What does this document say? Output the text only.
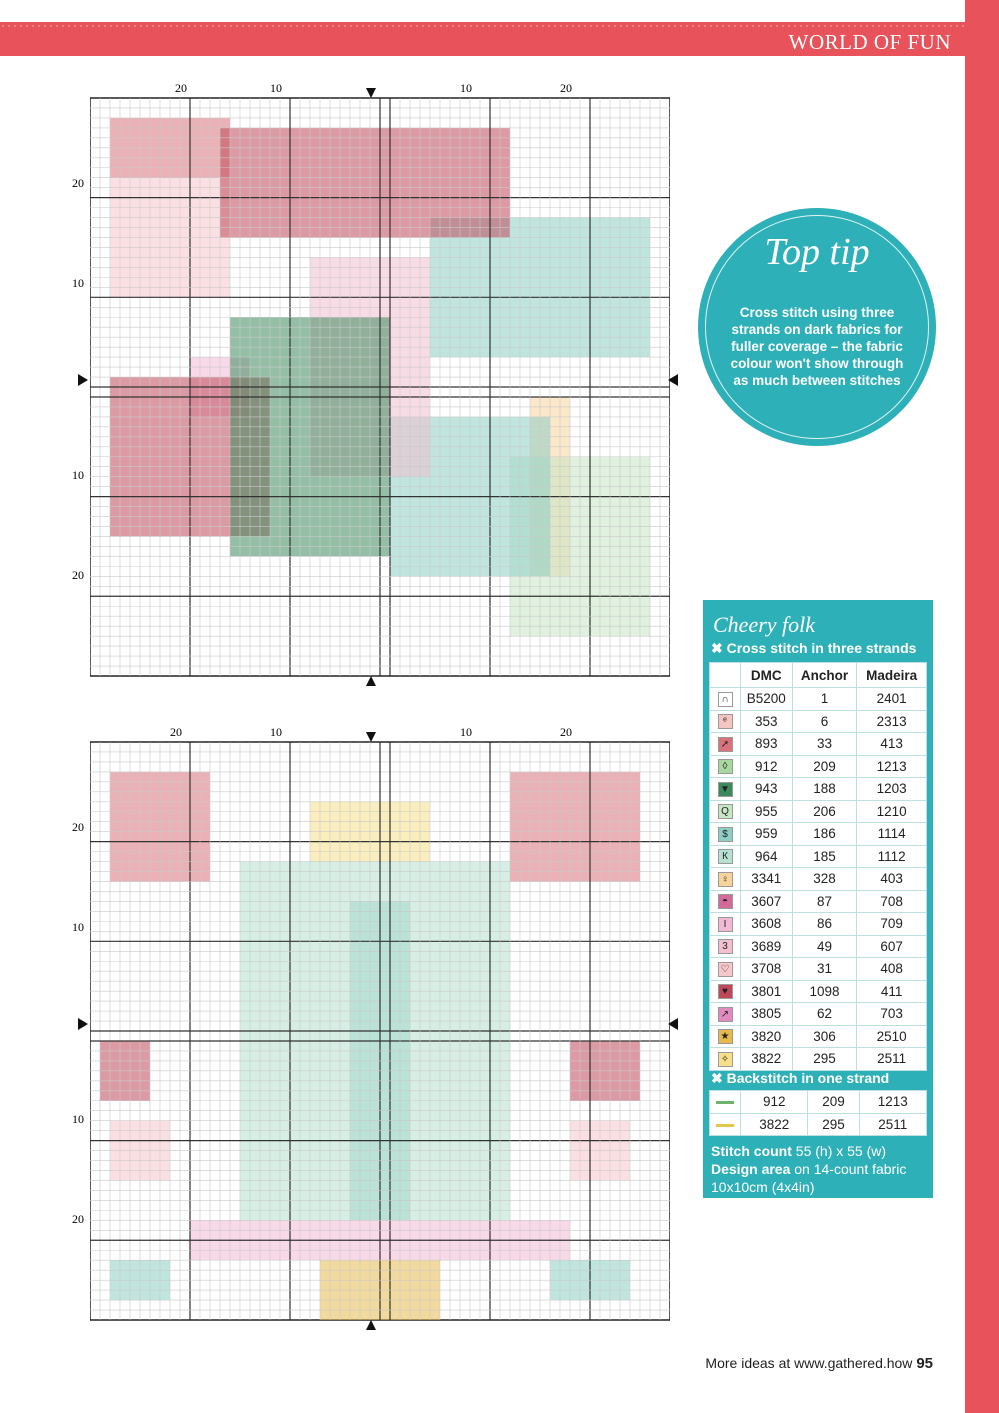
WORLD OF FUN
20	10	10	20
20
10
10
20
20	10	10	20
20
10
10
20
Top tip
Cross stitch using three strands on dark fabrics for fuller coverage – the fabric colour won't show through as much between stitches
Cheery folk
✖ Cross stitch in three strands
	DMC	Anchor	Madeira
∩	B5200	1	2401
ᵉ	353	6	2313
➚	893	33	413
◊	912	209	1213
▼	943	188	1203
Q	955	206	1210
$	959	186	1114
К	964	185	1112
♀	3341	328	403
◓	3607	87	708
I	3608	86	709
3	3689	49	607
♡	3708	31	408
♥	3801	1098	411
↗	3805	62	703
★	3820	306	2510
✧	3822	295	2511
✖ Backstitch in one strand
	912	209	1213
	3822	295	2511
Stitch count 55 (h) x 55 (w)
Design area on 14-count fabric 10x10cm (4x4in)
More ideas at www.gathered.how 95
